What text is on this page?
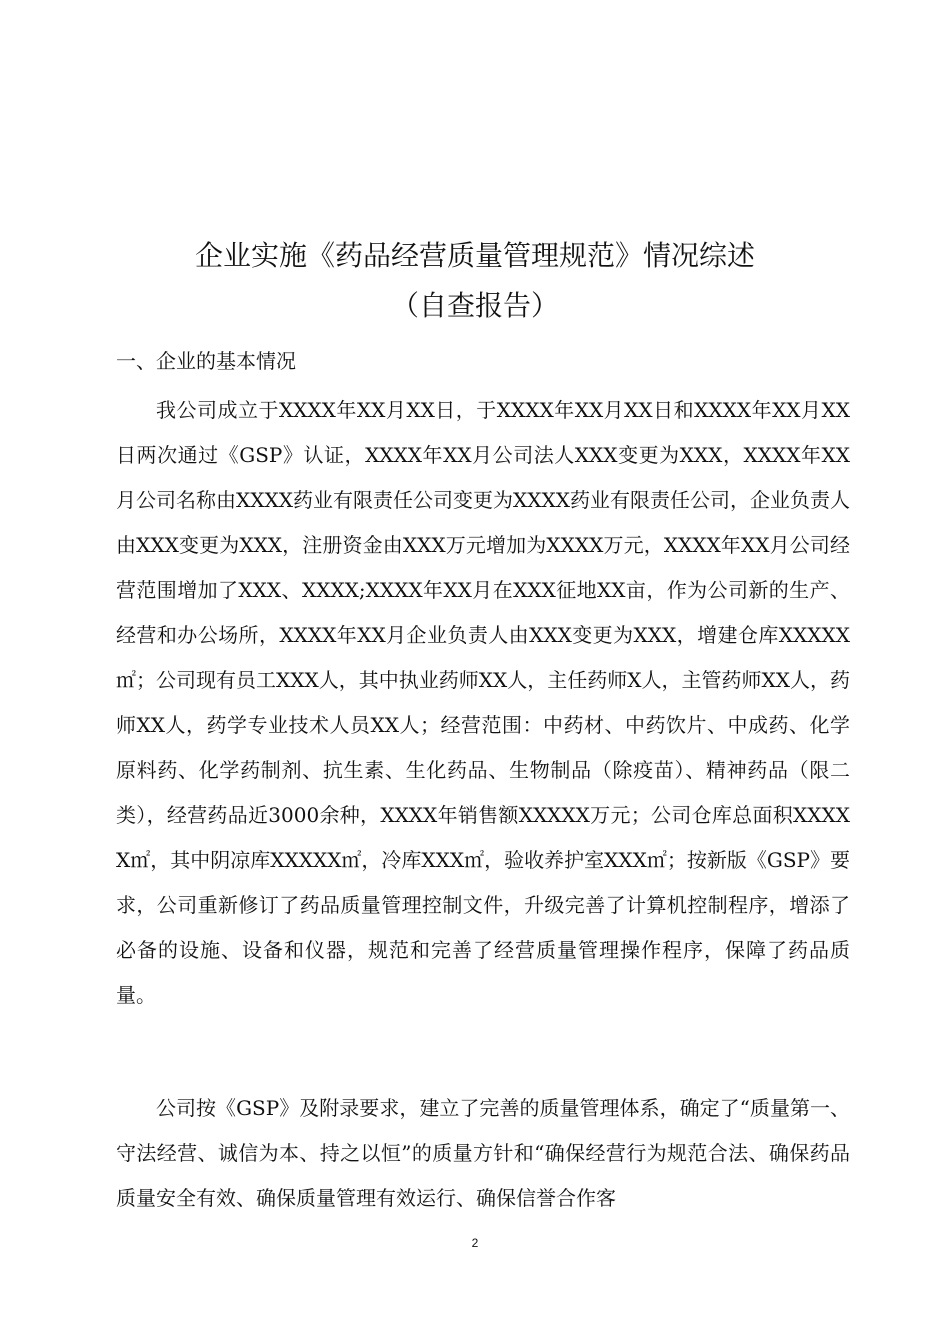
企业实施《药品经营质量管理规范》情况综述
（自查报告）
一、企业的基本情况

我公司成立于XXXX年XX月XX日，于XXXX年XX月XX日和XXXX年XX月XX日两次通过《GSP》认证，XXXX年XX月公司法人XXX变更为XXX，XXXX年XX月公司名称由XXXX药业有限责任公司变更为XXXX药业有限责任公司，企业负责人由XXX变更为XXX，注册资金由XXX万元增加为XXXX万元，XXXX年XX月公司经营范围增加了XXX、XXXX;XXXX年XX月在XXX征地XX亩，作为公司新的生产、经营和办公场所，XXXX年XX月企业负责人由XXX变更为XXX，增建仓库XXXXX㎡；公司现有员工XXX人，其中执业药师XX人，主任药师X人，主管药师XX人，药师XX人，药学专业技术人员XX人；经营范围：中药材、中药饮片、中成药、化学原料药、化学药制剂、抗生素、生化药品、生物制品（除疫苗）、精神药品（限二类），经营药品近3000余种，XXXX年销售额XXXXX万元；公司仓库总面积XXXXX㎡，其中阴凉库XXXXX㎡，冷库XXX㎡，验收养护室XXX㎡；按新版《GSP》要求，公司重新修订了药品质量管理控制文件，升级完善了计算机控制程序，增添了必备的设施、设备和仪器，规范和完善了经营质量管理操作程序，保障了药品质量。

公司按《GSP》及附录要求，建立了完善的质量管理体系，确定了“质量第一、守法经营、诚信为本、持之以恒”的质量方针和“确保经营行为规范合法、确保药品质量安全有效、确保质量管理有效运行、确保信誉合作客

2
